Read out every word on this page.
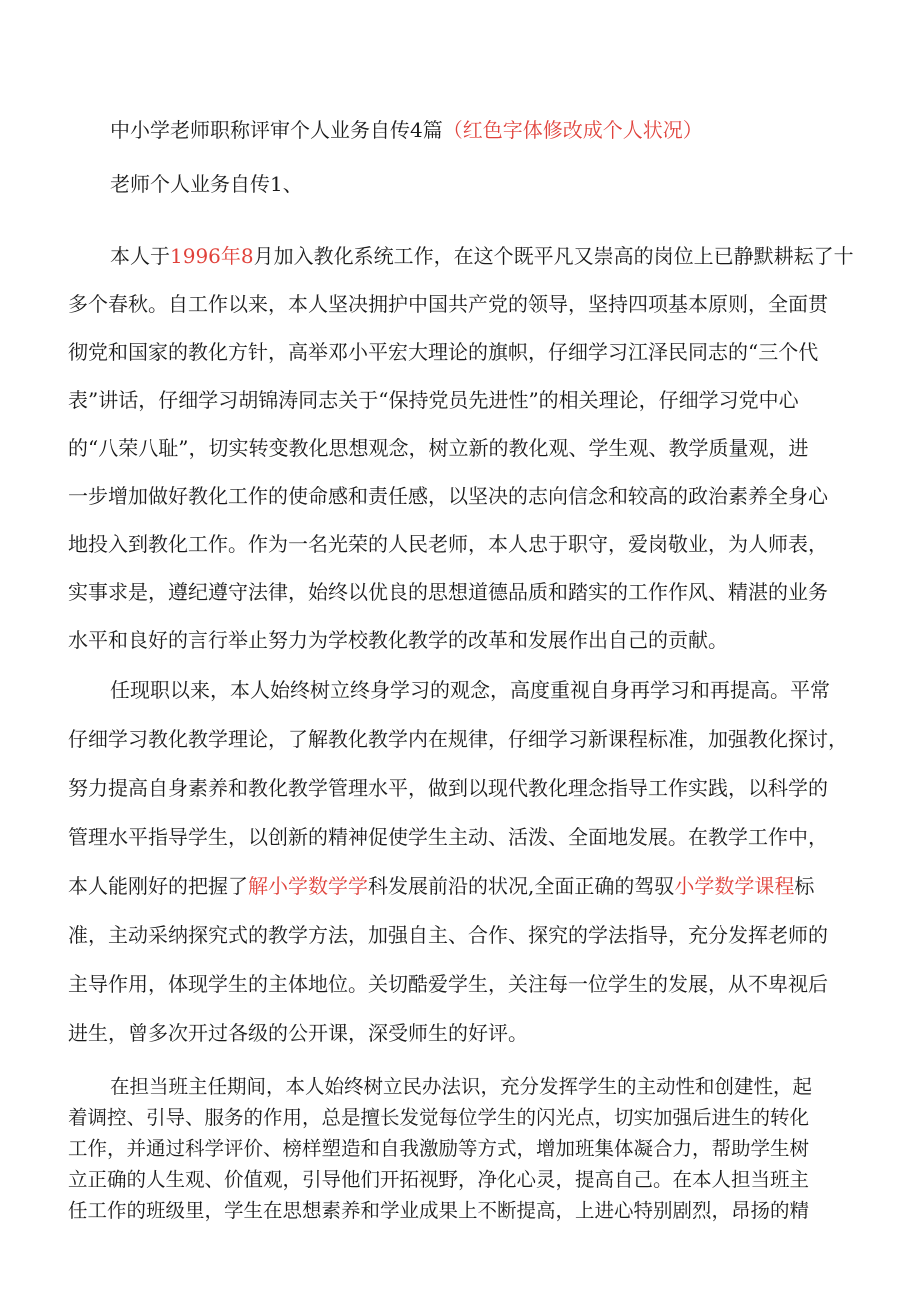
中小学老师职称评审个人业务自传4篇（红色字体修改成个人状况）
老师个人业务自传1、
本人于1996年8月加入教化系统工作，在这个既平凡又崇高的岗位上已静默耕耘了十
多个春秋。自工作以来，本人坚决拥护中国共产党的领导，坚持四项基本原则，全面贯
彻党和国家的教化方针，高举邓小平宏大理论的旗帜，仔细学习江泽民同志的“三个代
表”讲话，仔细学习胡锦涛同志关于“保持党员先进性”的相关理论，仔细学习党中心
的“八荣八耻”，切实转变教化思想观念，树立新的教化观、学生观、教学质量观，进
一步增加做好教化工作的使命感和责任感，以坚决的志向信念和较高的政治素养全身心
地投入到教化工作。作为一名光荣的人民老师，本人忠于职守，爱岗敬业，为人师表，
实事求是，遵纪遵守法律，始终以优良的思想道德品质和踏实的工作作风、精湛的业务
水平和良好的言行举止努力为学校教化教学的改革和发展作出自己的贡献。
任现职以来，本人始终树立终身学习的观念，高度重视自身再学习和再提高。平常
仔细学习教化教学理论，了解教化教学内在规律，仔细学习新课程标准，加强教化探讨，
努力提高自身素养和教化教学管理水平，做到以现代教化理念指导工作实践，以科学的
管理水平指导学生，以创新的精神促使学生主动、活泼、全面地发展。在教学工作中，
本人能刚好的把握了解小学数学学科发展前沿的状况,全面正确的驾驭小学数学课程标
准，主动采纳探究式的教学方法，加强自主、合作、探究的学法指导，充分发挥老师的
主导作用，体现学生的主体地位。关切酷爱学生，关注每一位学生的发展，从不卑视后
进生，曾多次开过各级的公开课，深受师生的好评。
在担当班主任期间，本人始终树立民办法识，充分发挥学生的主动性和创建性，起
着调控、引导、服务的作用，总是擅长发觉每位学生的闪光点，切实加强后进生的转化
工作，并通过科学评价、榜样塑造和自我激励等方式，增加班集体凝合力，帮助学生树
立正确的人生观、价值观，引导他们开拓视野，净化心灵，提高自己。在本人担当班主
任工作的班级里，学生在思想素养和学业成果上不断提高，上进心特别剧烈，昂扬的精
